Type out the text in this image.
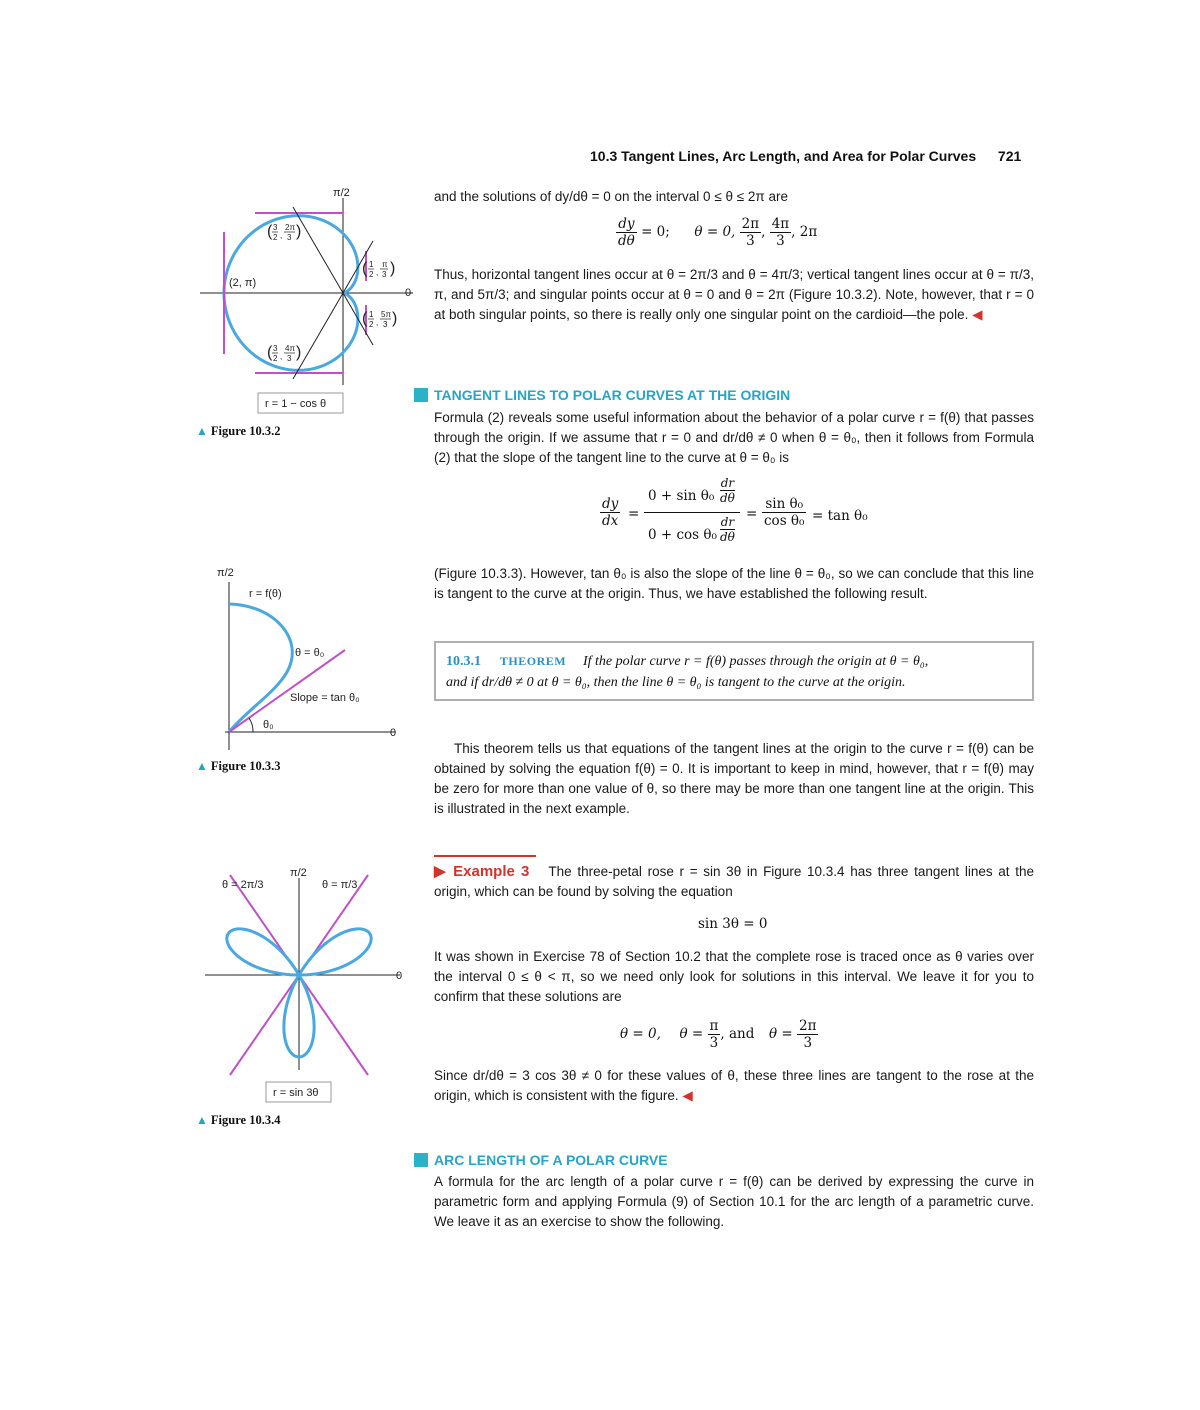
10.3 Tangent Lines, Arc Length, and Area for Polar Curves 721
and the solutions of dy/dθ = 0 on the interval 0 ≤ θ ≤ 2π are
$\frac{dy}{d\theta} = 0$; θ = 0, $\frac{2\pi}{3}$ , $\frac{4\pi}{3}$ , 2π
Thus, horizontal tangent lines occur at θ = 2π/3 and θ = 4π/3; vertical tangent lines occur at θ = π/3, π, and 5π/3; and singular points occur at θ = 0 and θ = 2π (Figure 10.3.2). Note, however, that r = 0 at both singular points, so there is really only one singular point on the cardioid—the pole. ◀
TANGENT LINES TO POLAR CURVES AT THE ORIGIN
Formula (2) reveals some useful information about the behavior of a polar curve r = f(θ) that passes through the origin. If we assume that r = 0 and dr/dθ ≠ 0 when θ = θ₀, then it follows from Formula (2) that the slope of the tangent line to the curve at θ = θ₀ is
$\frac{dy}{dx}$ =
0 + sin θ₀
dr
dθ
0 + cos θ₀
dr
dθ
= $\frac{\text{sin θ₀}}{\text{cos θ₀}} = \tan \theta_0$
(Figure 10.3.3). However, tan θ₀ is also the slope of the line θ = θ₀, so we can conclude that this line is tangent to the curve at the origin. Thus, we have established the following result.
10.3.1 THEOREM If the polar curve r = f(θ) passes through the origin at θ = θ₀,
and if dr/dθ ≠ 0 at θ = θ₀, then the line θ = θ₀ is tangent to the curve at the origin.
This theorem tells us that equations of the tangent lines at the origin to the curve r = f(θ) can be obtained by solving the equation f(θ) = 0. It is important to keep in mind, however, that r = f(θ) may be zero for more than one value of θ, so there may be more than one tangent line at the origin. This is illustrated in the next example.
▶ Example 3 The three-petal rose r = sin 3θ in Figure 10.3.4 has three tangent lines at the origin, which can be found by solving the equation
sin 3θ = 0
It was shown in Exercise 78 of Section 10.2 that the complete rose is traced once as θ varies over the interval 0 ≤ θ < π, so we need only look for solutions in this interval. We leave it for you to confirm that these solutions are
θ = 0, $\theta = \frac{\pi}{3}$ , and $\theta = \frac{2\pi}{3}$
Since dr/dθ = 3 cos 3θ ≠ 0 for these values of θ, these three lines are tangent to the rose at the origin, which is consistent with the figure. ◀
ARC LENGTH OF A POLAR CURVE
A formula for the arc length of a polar curve r = f(θ) can be derived by expressing the curve in parametric form and applying Formula (9) of Section 10.1 for the arc length of a parametric curve. We leave it as an exercise to show the following.
π/2
0
(2, π)
( 3
2 ,
2π
3 )
( 3
2 ,
4π
3 )
( 1
2 ,
π
3 )
( 1
2 ,
5π
3 )
r = 1 − cos θ
▲ Figure 10.3.2
π/2
0
r = f(θ)
θ = θ₀
Slope = tan θ₀
θ₀
▲ Figure 10.3.3
π/2
0
θ = 2π/3	θ = π/3
r = sin 3θ
▲ Figure 10.3.4
